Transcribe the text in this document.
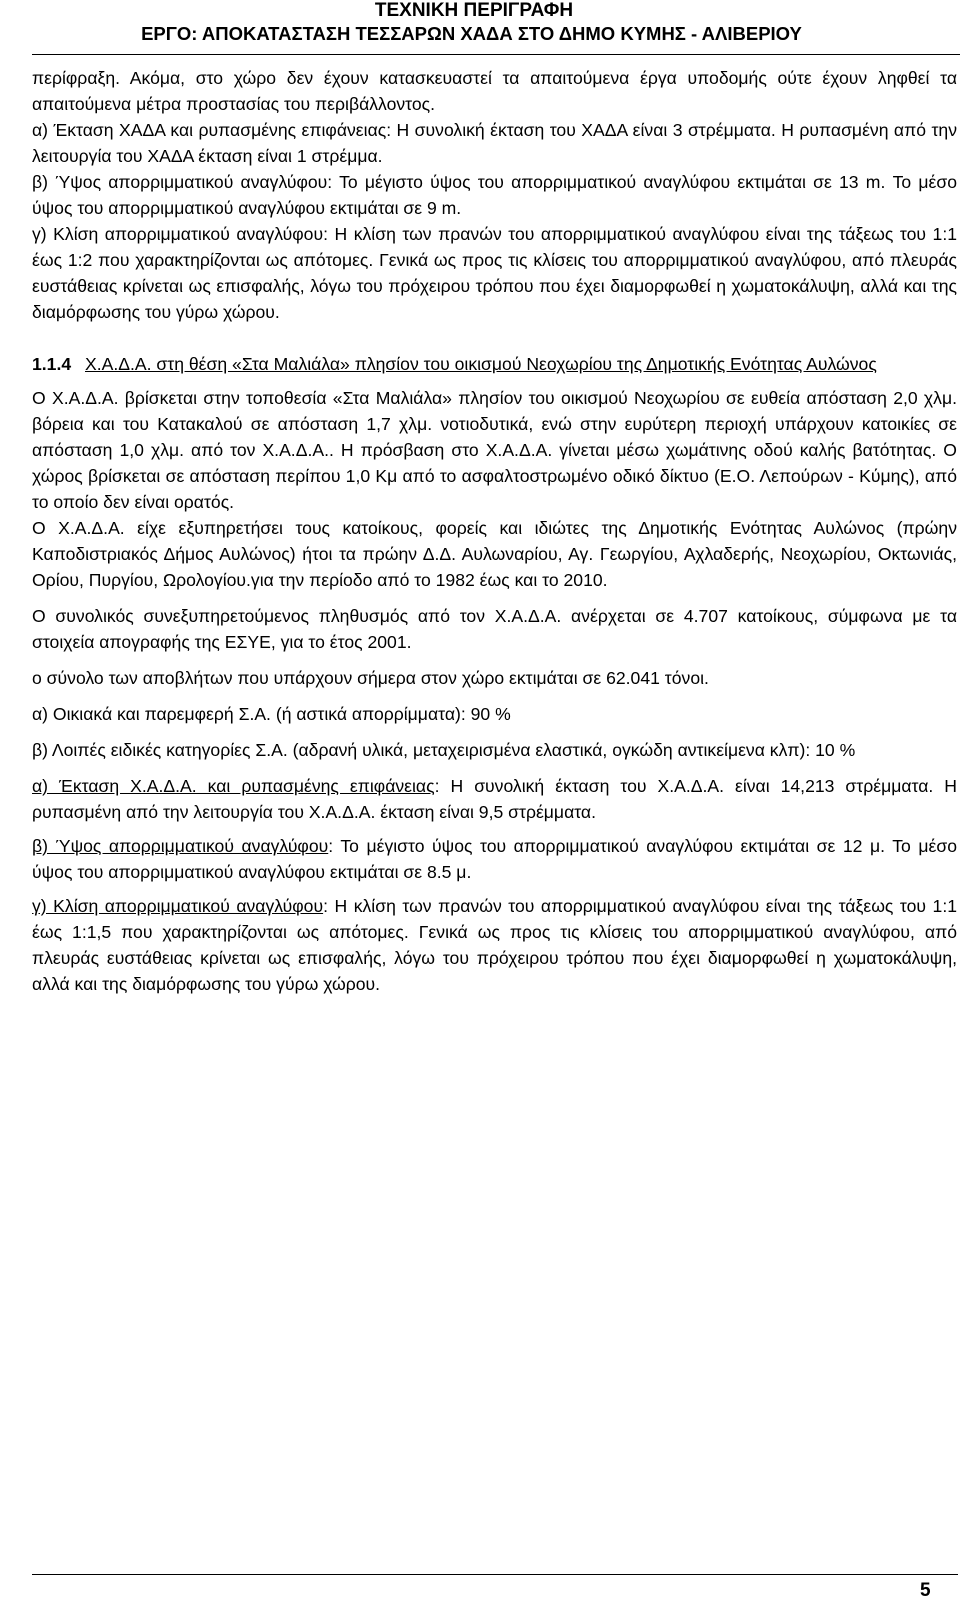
ΤΕΧΝΙΚΗ ΠΕΡΙΓΡΑΦΗ
ΕΡΓΟ: ΑΠΟΚΑΤΑΣΤΑΣΗ ΤΕΣΣΑΡΩΝ ΧΑΔΑ ΣΤΟ ΔΗΜΟ ΚΥΜΗΣ - ΑΛΙΒΕΡΙΟΥ

περίφραξη. Ακόμα, στο χώρο δεν έχουν κατασκευαστεί τα απαιτούμενα έργα υποδομής ούτε έχουν ληφθεί τα απαιτούμενα μέτρα προστασίας του περιβάλλοντος.

α) Έκταση ΧΑΔΑ και ρυπασμένης επιφάνειας: Η συνολική έκταση του ΧΑΔΑ είναι 3 στρέμματα. Η ρυπασμένη από την λειτουργία του ΧΑΔΑ έκταση είναι 1 στρέμμα.

β) Ύψος απορριμματικού αναγλύφου: Το μέγιστο ύψος του απορριμματικού αναγλύφου εκτιμάται σε 13 m. Το μέσο ύψος του απορριμματικού αναγλύφου εκτιμάται σε 9 m.

γ) Κλίση απορριμματικού αναγλύφου: Η κλίση των πρανών του απορριμματικού αναγλύφου είναι της τάξεως του 1:1 έως 1:2 που χαρακτηρίζονται ως απότομες. Γενικά ως προς τις κλίσεις του απορριμματικού αναγλύφου, από πλευράς ευστάθειας κρίνεται ως επισφαλής, λόγω του πρόχειρου τρόπου που έχει διαμορφωθεί η χωματοκάλυψη, αλλά και της διαμόρφωσης του γύρω χώρου.

1.1.4 Χ.Α.Δ.Α. στη θέση «Στα Μαλιάλα» πλησίον του οικισμού Νεοχωρίου της Δημοτικής Ενότητας Αυλώνος

Ο Χ.Α.Δ.Α. βρίσκεται στην τοποθεσία «Στα Μαλιάλα» πλησίον του οικισμού Νεοχωρίου σε ευθεία απόσταση 2,0 χλμ. βόρεια και του Κατακαλού σε απόσταση 1,7 χλμ. νοτιοδυτικά, ενώ στην ευρύτερη περιοχή υπάρχουν κατοικίες σε απόσταση 1,0 χλμ. από τον Χ.Α.Δ.Α.. Η πρόσβαση στο Χ.Α.Δ.Α. γίνεται μέσω χωμάτινης οδού καλής βατότητας. Ο χώρος βρίσκεται σε απόσταση περίπου 1,0 Κμ από το ασφαλτοστρωμένο οδικό δίκτυο (Ε.Ο. Λεπούρων - Κύμης), από το οποίο δεν είναι ορατός.

Ο Χ.Α.Δ.Α. είχε εξυπηρετήσει τους κατοίκους, φορείς και ιδιώτες της Δημοτικής Ενότητας Αυλώνος (πρώην Καποδιστριακός Δήμος Αυλώνος) ήτοι τα πρώην Δ.Δ. Αυλωναρίου, Αγ. Γεωργίου, Αχλαδερής, Νεοχωρίου, Οκτωνιάς, Ορίου, Πυργίου, Ωρολογίου.για την περίοδο από το 1982 έως και το 2010.

Ο συνολικός συνεξυπηρετούμενος πληθυσμός από τον Χ.Α.Δ.Α. ανέρχεται σε 4.707 κατοίκους, σύμφωνα με τα στοιχεία απογραφής της ΕΣΥΕ, για το έτος 2001.

ο σύνολο των αποβλήτων που υπάρχουν σήμερα στον χώρο εκτιμάται σε 62.041 τόνοι.

α) Οικιακά και παρεμφερή Σ.Α. (ή αστικά απορρίμματα): 90 %

β) Λοιπές ειδικές κατηγορίες Σ.Α. (αδρανή υλικά, μεταχειρισμένα ελαστικά, ογκώδη αντικείμενα κλπ): 10 %

α) Έκταση Χ.Α.Δ.Α. και ρυπασμένης επιφάνειας: Η συνολική έκταση του Χ.Α.Δ.Α. είναι 14,213 στρέμματα. Η ρυπασμένη από την λειτουργία του Χ.Α.Δ.Α. έκταση είναι 9,5 στρέμματα.

β) Ύψος απορριμματικού αναγλύφου: Το μέγιστο ύψος του απορριμματικού αναγλύφου εκτιμάται σε 12 μ. Το μέσο ύψος του απορριμματικού αναγλύφου εκτιμάται σε 8.5 μ.

γ) Κλίση απορριμματικού αναγλύφου: Η κλίση των πρανών του απορριμματικού αναγλύφου είναι της τάξεως του 1:1 έως 1:1,5 που χαρακτηρίζονται ως απότομες. Γενικά ως προς τις κλίσεις του απορριμματικού αναγλύφου, από πλευράς ευστάθειας κρίνεται ως επισφαλής, λόγω του πρόχειρου τρόπου που έχει διαμορφωθεί η χωματοκάλυψη, αλλά και της διαμόρφωσης του γύρω χώρου.

5
